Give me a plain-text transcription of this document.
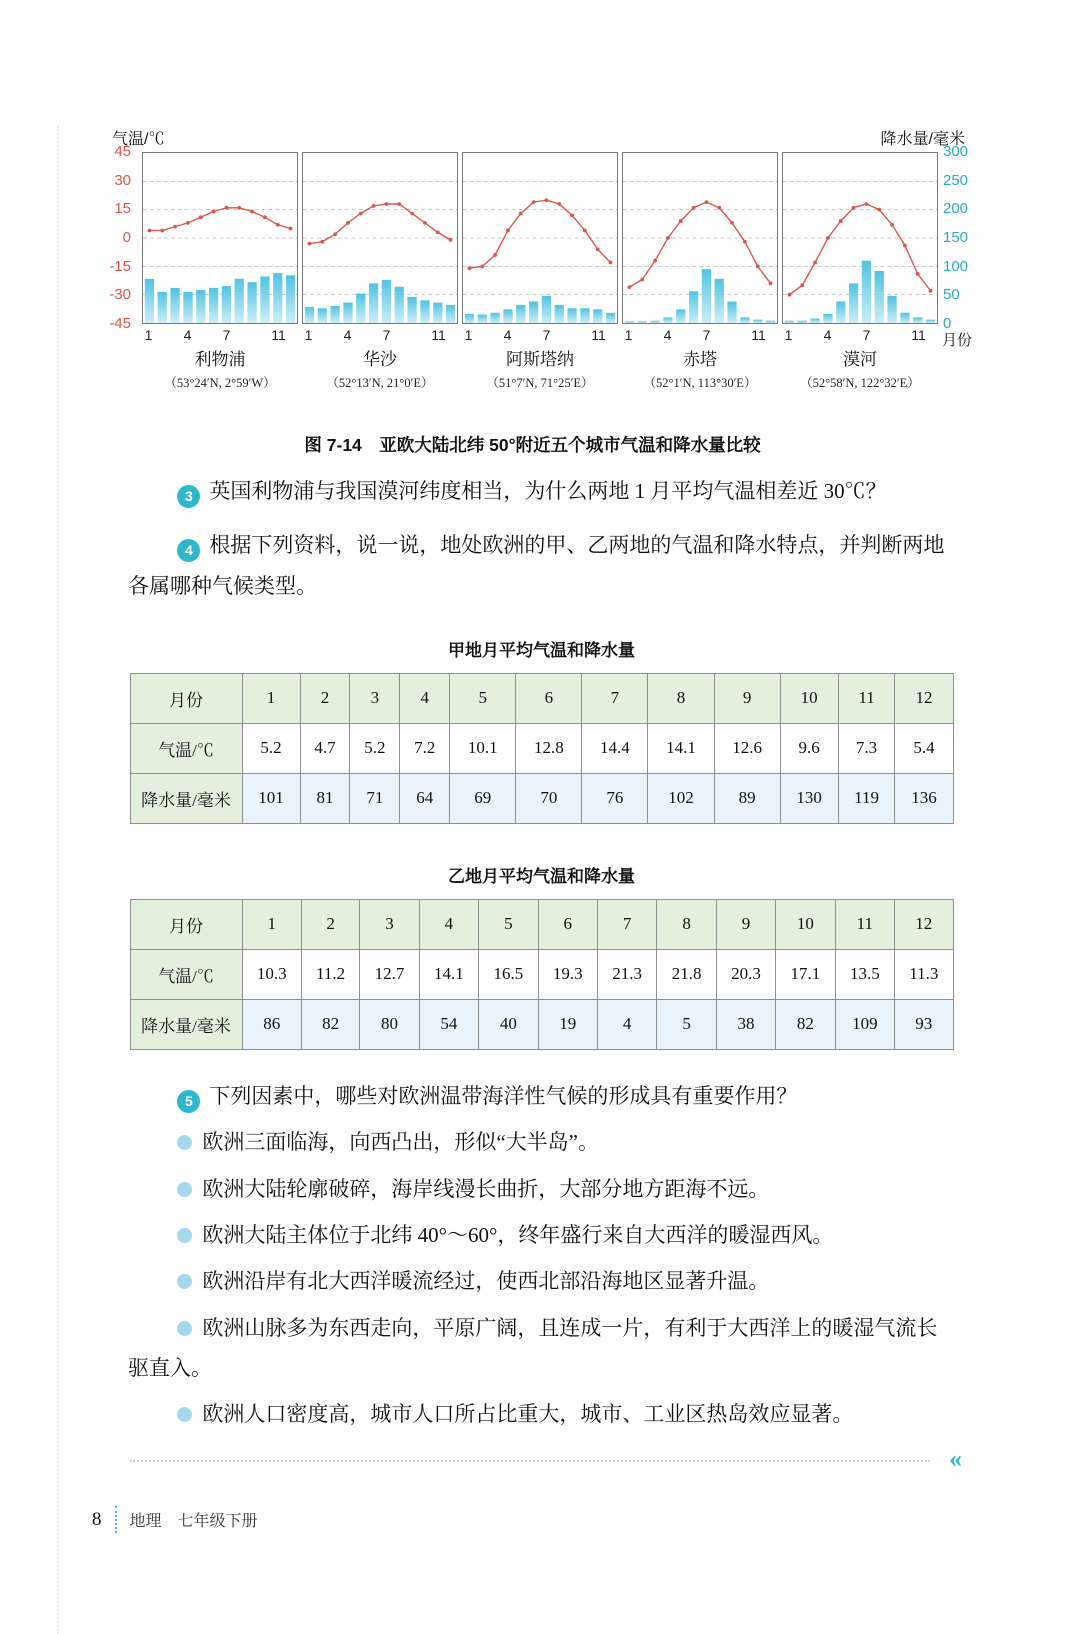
气温/℃	降水量/毫米
45
30
15
0
-15
-30
-45
1 4 7	11
利物浦
（53°24′N, 2°59′W）
1 4 7	11
华沙
（52°13′N, 21°0′E）
1 4 7	11
阿斯塔纳
（51°7′N, 71°25′E）
1 4 7	11
赤塔
（52°1′N, 113°30′E）
1 4 7	11
漠河
（52°58′N, 122°32′E）
300
250
200
150
100
50
0
月份
图 7-14　亚欧大陆北纬 50°附近五个城市气温和降水量比较

3 英国利物浦与我国漠河纬度相当，为什么两地 1 月平均气温相差近 30℃？

4 根据下列资料，说一说，地处欧洲的甲、乙两地的气温和降水特点，并判断两地各属哪种气候类型。

甲地月平均气温和降水量
月份	1	2	3	4	5	6	7	8	9	10	11	12
气温/℃	5.2	4.7	5.2	7.2	10.1	12.8	14.4	14.1	12.6	9.6	7.3	5.4
降水量/毫米	101	81	71	64	69	70	76	102	89	130	119	136
乙地月平均气温和降水量
月份	1	2	3	4	5	6	7	8	9	10	11	12
气温/℃	10.3	11.2	12.7	14.1	16.5	19.3	21.3	21.8	20.3	17.1	13.5	11.3
降水量/毫米	86	82	80	54	40	19	4	5	38	82	109	93

5 下列因素中，哪些对欧洲温带海洋性气候的形成具有重要作用？

欧洲三面临海，向西凸出，形似“大半岛”。

欧洲大陆轮廓破碎，海岸线漫长曲折，大部分地方距海不远。

欧洲大陆主体位于北纬 40°～60°，终年盛行来自大西洋的暖湿西风。

欧洲沿岸有北大西洋暖流经过，使西北部沿海地区显著升温。

欧洲山脉多为东西走向，平原广阔，且连成一片，有利于大西洋上的暖湿气流长驱直入。

欧洲人口密度高，城市人口所占比重大，城市、工业区热岛效应显著。

«
8 地理　 七年级下册
